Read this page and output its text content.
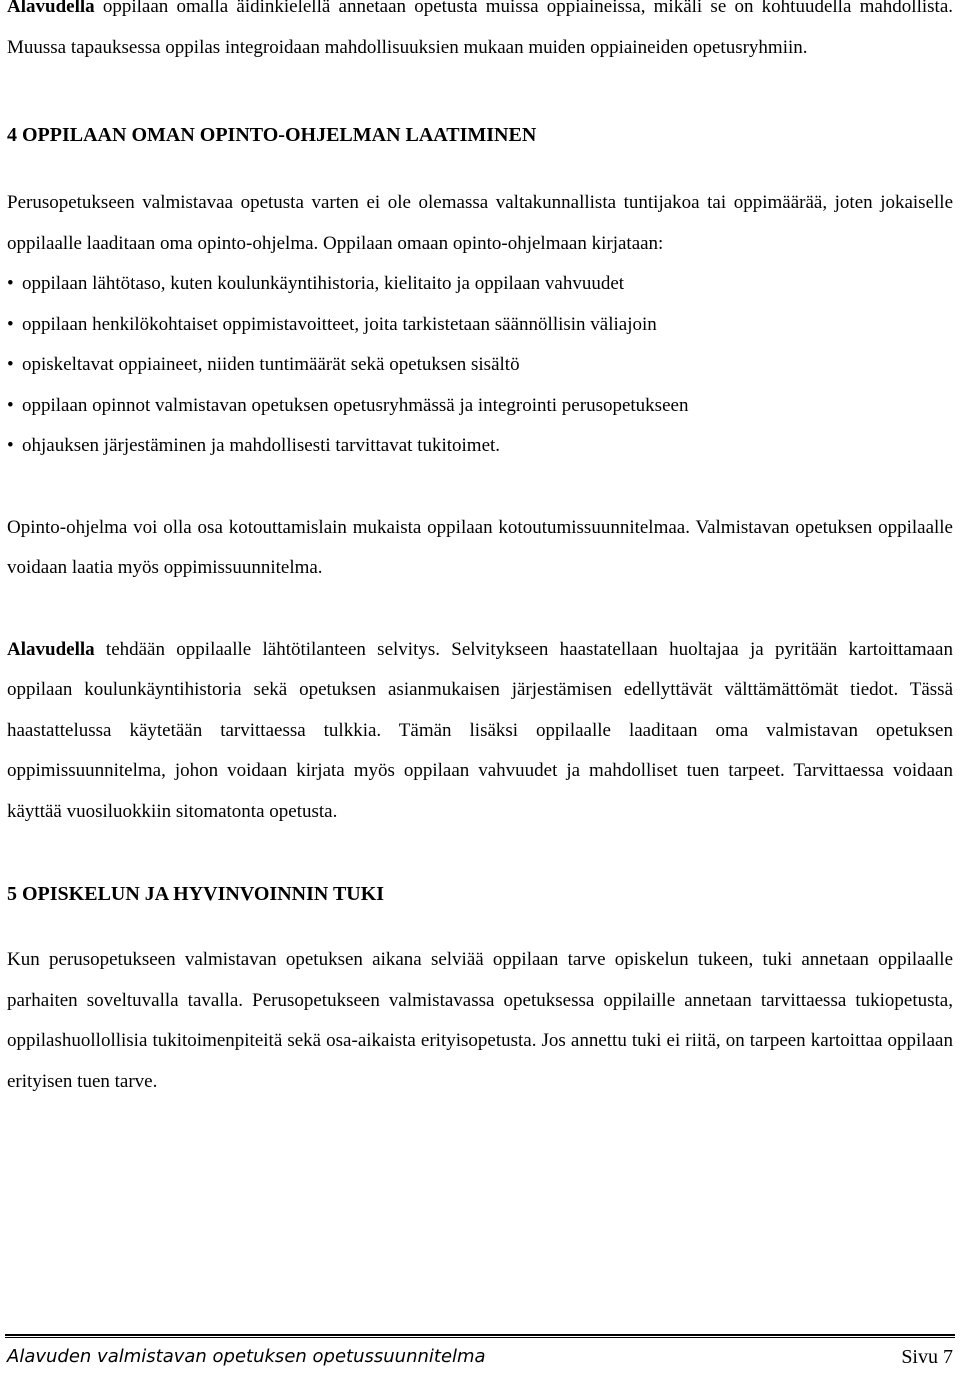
Alavudella oppilaan omalla äidinkielellä annetaan opetusta muissa oppiaineissa, mikäli se on kohtuudella mahdollista. Muussa tapauksessa oppilas integroidaan mahdollisuuksien mukaan muiden oppiaineiden opetusryhmiin.

4 OPPILAAN OMAN OPINTO-OHJELMAN LAATIMINEN

Perusopetukseen valmistavaa opetusta varten ei ole olemassa valtakunnallista tuntijakoa tai oppimäärää, joten jokaiselle oppilaalle laaditaan oma opinto-ohjelma. Oppilaan omaan opinto-ohjelmaan kirjataan:

• oppilaan lähtötaso, kuten koulunkäyntihistoria, kielitaito ja oppilaan vahvuudet
• oppilaan henkilökohtaiset oppimistavoitteet, joita tarkistetaan säännöllisin väliajoin
• opiskeltavat oppiaineet, niiden tuntimäärät sekä opetuksen sisältö
• oppilaan opinnot valmistavan opetuksen opetusryhmässä ja integrointi perusopetukseen
• ohjauksen järjestäminen ja mahdollisesti tarvittavat tukitoimet.

Opinto-ohjelma voi olla osa kotouttamislain mukaista oppilaan kotoutumissuunnitelmaa. Valmistavan opetuksen oppilaalle voidaan laatia myös oppimissuunnitelma.

Alavudella tehdään oppilaalle lähtötilanteen selvitys. Selvitykseen haastatellaan huoltajaa ja pyritään kartoittamaan oppilaan koulunkäyntihistoria sekä opetuksen asianmukaisen järjestämisen edellyttävät välttämättömät tiedot. Tässä haastattelussa käytetään tarvittaessa tulkkia. Tämän lisäksi oppilaalle laaditaan oma valmistavan opetuksen oppimissuunnitelma, johon voidaan kirjata myös oppilaan vahvuudet ja mahdolliset tuen tarpeet. Tarvittaessa voidaan käyttää vuosiluokkiin sitomatonta opetusta.

5 OPISKELUN JA HYVINVOINNIN TUKI

Kun perusopetukseen valmistavan opetuksen aikana selviää oppilaan tarve opiskelun tukeen, tuki annetaan oppilaalle parhaiten soveltuvalla tavalla. Perusopetukseen valmistavassa opetuksessa oppilaille annetaan tarvittaessa tukiopetusta, oppilashuollollisia tukitoimenpiteitä sekä osa-aikaista erityisopetusta. Jos annettu tuki ei riitä, on tarpeen kartoittaa oppilaan erityisen tuen tarve.

Alavuden valmistavan opetuksen opetussuunnitelma	Sivu 7
